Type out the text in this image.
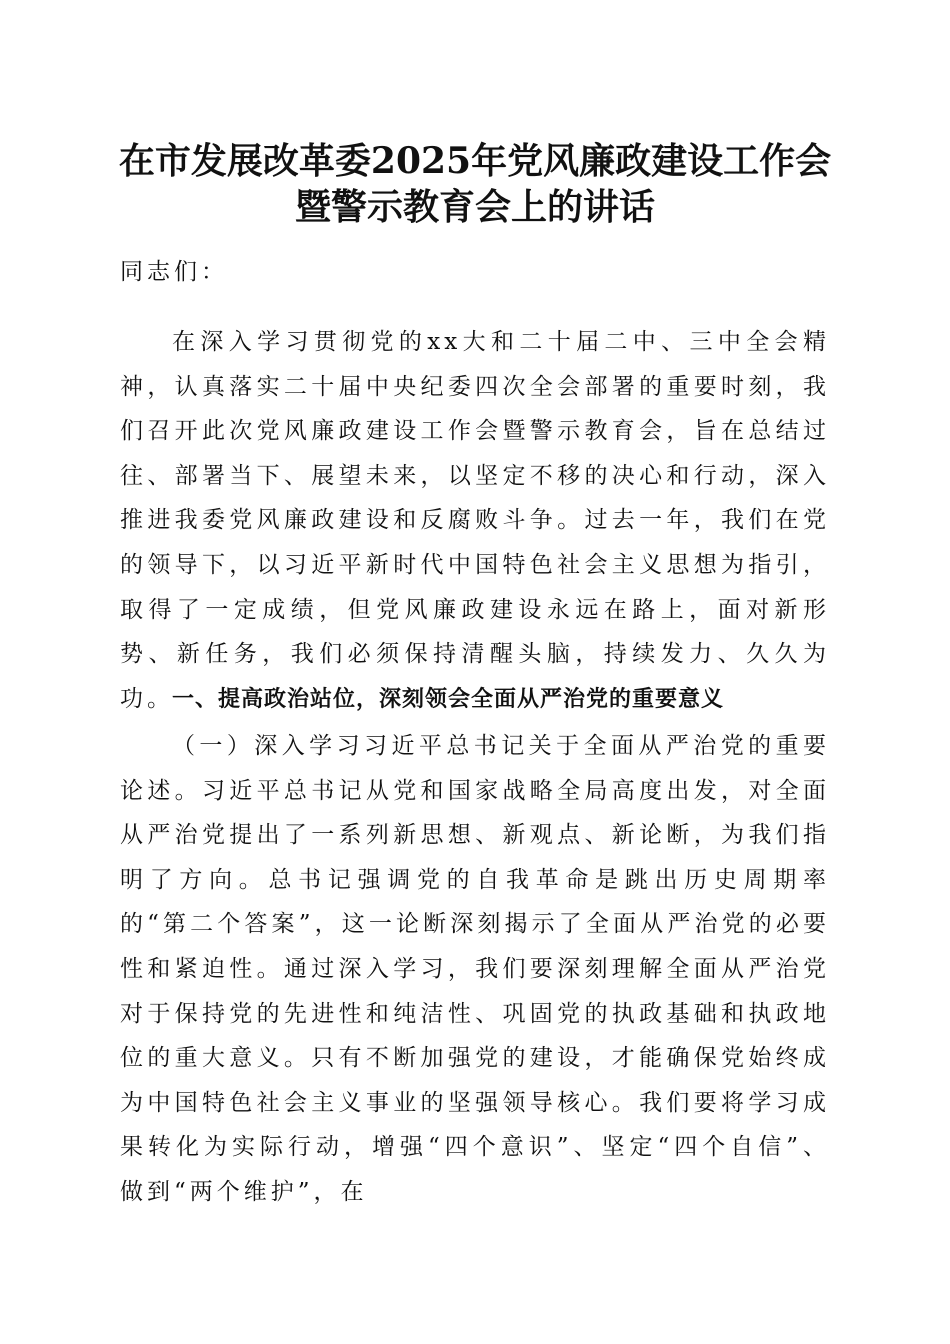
在市发展改革委2025年党风廉政建设工作会
暨警示教育会上的讲话

同志们：

在深入学习贯彻党的xx大和二十届二中、三中全会精神，认真落实二十届中央纪委四次全会部署的重要时刻，我们召开此次党风廉政建设工作会暨警示教育会，旨在总结过往、部署当下、展望未来，以坚定不移的决心和行动，深入推进我委党风廉政建设和反腐败斗争。过去一年，我们在党的领导下，以习近平新时代中国特色社会主义思想为指引，取得了一定成绩，但党风廉政建设永远在路上，面对新形势、新任务，我们必须保持清醒头脑，持续发力、久久为功。

一、提高政治站位，深刻领会全面从严治党的重要意义

（一）深入学习习近平总书记关于全面从严治党的重要论述。习近平总书记从党和国家战略全局高度出发，对全面从严治党提出了一系列新思想、新观点、新论断，为我们指明了方向。总书记强调党的自我革命是跳出历史周期率的“第二个答案”，这一论断深刻揭示了全面从严治党的必要性和紧迫性。通过深入学习，我们要深刻理解全面从严治党对于保持党的先进性和纯洁性、巩固党的执政基础和执政地位的重大意义。只有不断加强党的建设，才能确保党始终成为中国特色社会主义事业的坚强领导核心。我们要将学习成果转化为实际行动，增强“四个意识”、坚定“四个自信”、做到“两个维护”，在
